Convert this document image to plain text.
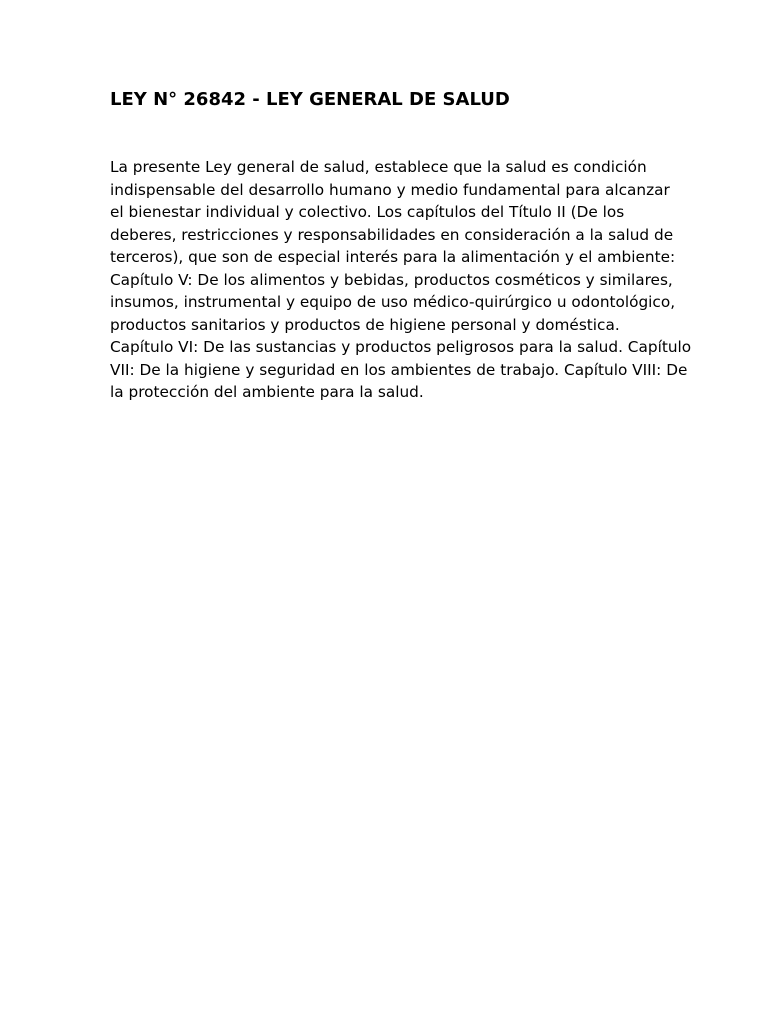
LEY N° 26842 - LEY GENERAL DE SALUD
La presente Ley general de salud, establece que la salud es condición
indispensable del desarrollo humano y medio fundamental para alcanzar
el bienestar individual y colectivo. Los capítulos del Título II (De los
deberes, restricciones y responsabilidades en consideración a la salud de
terceros), que son de especial interés para la alimentación y el ambiente:
Capítulo V: De los alimentos y bebidas, productos cosméticos y similares,
insumos, instrumental y equipo de uso médico-quirúrgico u odontológico,
productos sanitarios y productos de higiene personal y doméstica.
Capítulo VI: De las sustancias y productos peligrosos para la salud. Capítulo
VII: De la higiene y seguridad en los ambientes de trabajo. Capítulo VIII: De
la protección del ambiente para la salud.
